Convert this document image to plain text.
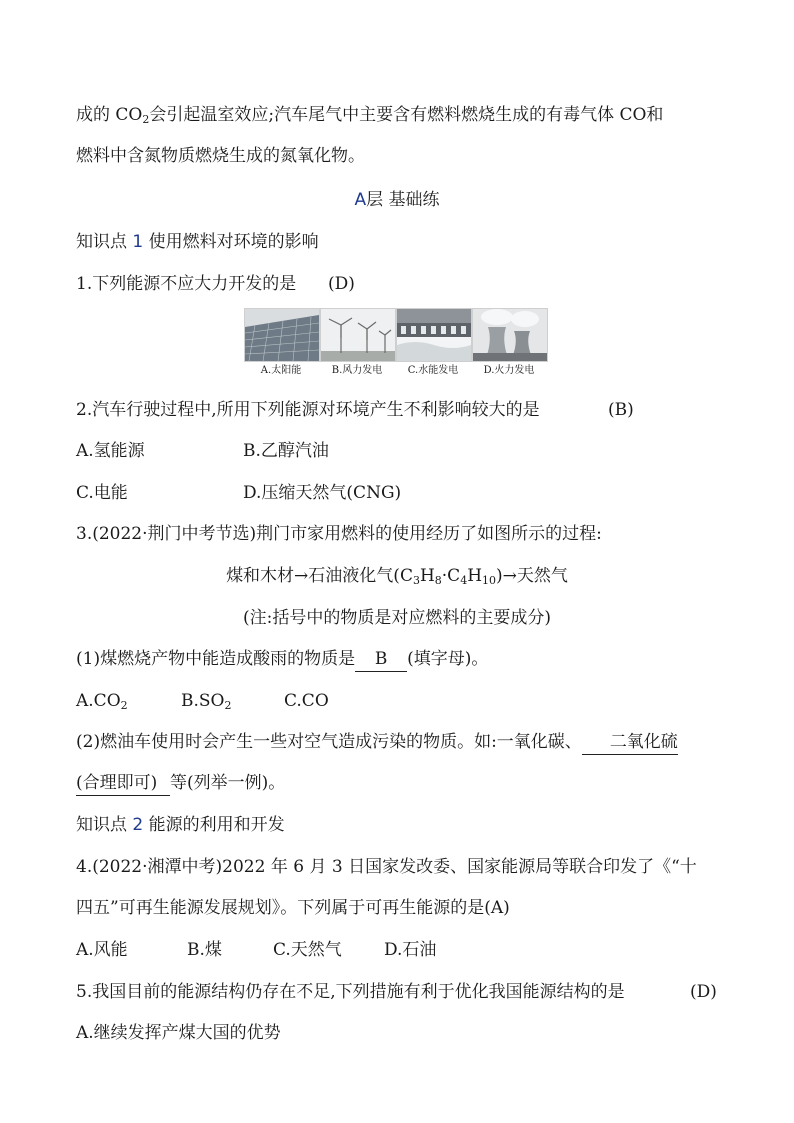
成的 $CO_2$会引起温室效应;汽车尾气中主要含有燃料燃烧生成的有毒气体 CO和
燃料中含氮物质燃烧生成的氮氧化物。
A层 基础练
知识点 1 使用燃料对环境的影响
1.下列能源不应大力开发的是 (D)
A.太阳能	B.风力发电	C.水能发电	D.火力发电
2.汽车行驶过程中,所用下列能源对环境产生不利影响较大的是	(B)
A.氢能源	B.乙醇汽油
C.电能	D.压缩天然气(CNG)
3.(2022·荆门中考节选)荆门市家用燃料的使用经历了如图所示的过程:
煤和木材→石油液化气$(C_3H_8\cdot C_4H_{10})\to$天然气
(注:括号中的物质是对应燃料的主要成分)
(1)煤燃烧产物中能造成酸雨的物质是 B (填字母)。
$A.CO_2$	$B.SO_2$	C.CO
(2)燃油车使用时会产生一些对空气造成污染的物质。如:一氧化碳、 二氧化硫
(合理即可) 等(列举一例)。
知识点 2 能源的利用和开发
4.(2022·湘潭中考)2022 年 6 月 3 日国家发改委、国家能源局等联合印发了《“十
四五”可再生能源发展规划》。下列属于可再生能源的是(A)
A.风能	B.煤	C.天然气 D.石油
5.我国目前的能源结构仍存在不足,下列措施有利于优化我国能源结构的是	(D)
A.继续发挥产煤大国的优势
